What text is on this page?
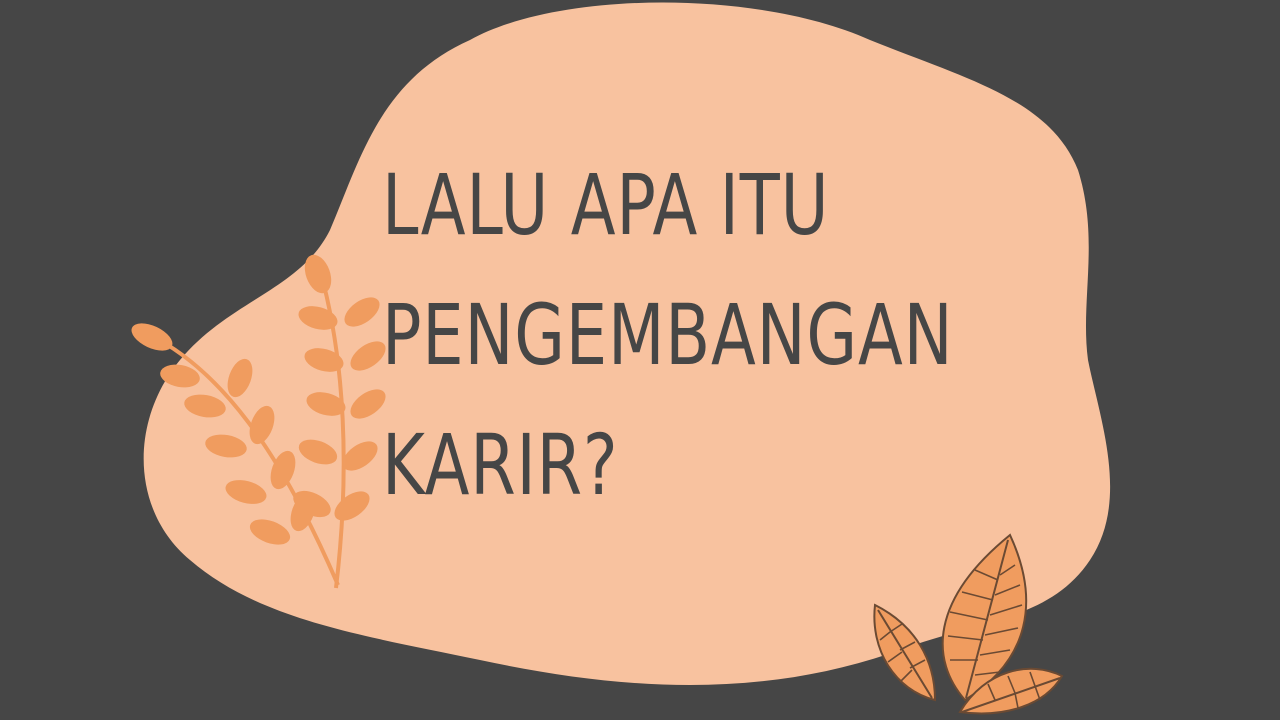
LALU APA ITU
PENGEMBANGAN
KARIR?
